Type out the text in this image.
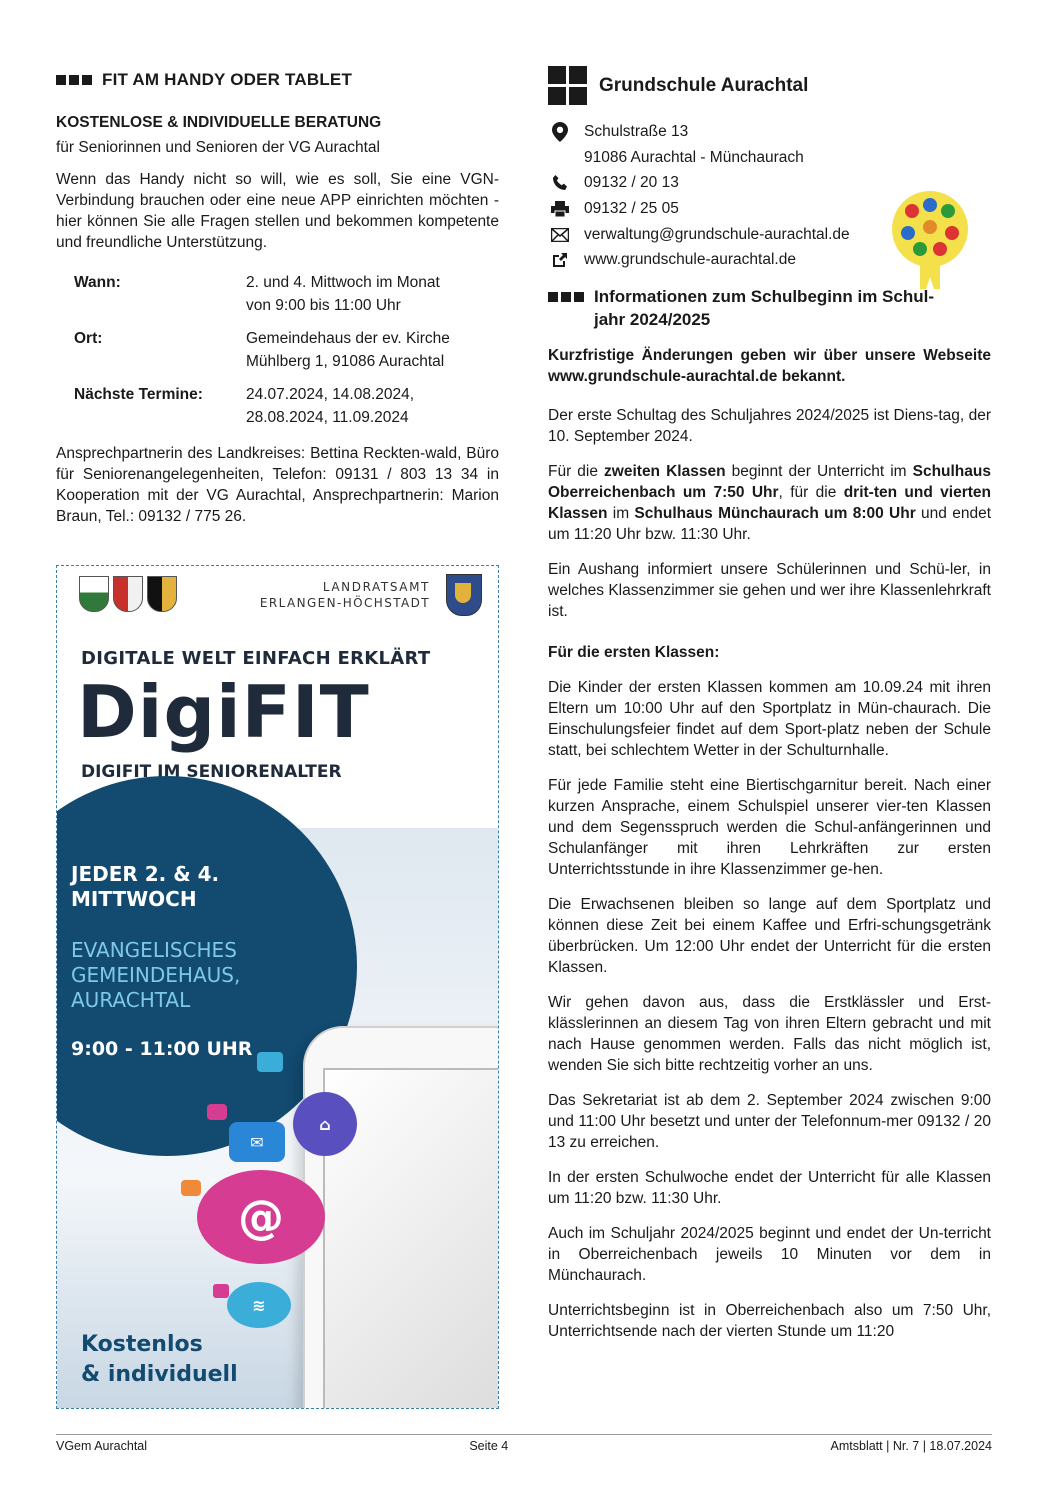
FIT AM HANDY ODER TABLET
KOSTENLOSE & INDIVIDUELLE BERATUNG
für Seniorinnen und Senioren der VG Aurachtal
Wenn das Handy nicht so will, wie es soll, Sie eine VGN-Verbindung brauchen oder eine neue APP einrichten möchten - hier können Sie alle Fragen stellen und bekommen kompetente und freundliche Unterstützung.
Wann:	2. und 4. Mittwoch im Monat
von 9:00 bis 11:00 Uhr
Ort:	Gemeindehaus der ev. Kirche
Mühlberg 1, 91086 Aurachtal
Nächste Termine:	24.07.2024, 14.08.2024,
28.08.2024, 11.09.2024
Ansprechpartnerin des Landkreises: Bettina Reckten-wald, Büro für Seniorenangelegenheiten, Telefon: 09131 / 803 13 34 in Kooperation mit der VG Aurachtal, Ansprechpartnerin: Marion Braun, Tel.: 09132 / 775 26.
LANDRATSAMT
ERLANGEN-HÖCHSTADT
DIGITALE WELT EINFACH ERKLÄRT
DigiFIT
DIGIFIT IM SENIORENALTER
JEDER 2. & 4.
MITTWOCH
EVANGELISCHES
GEMEINDEHAUS,
AURACHTAL
9:00 - 11:00 UHR
✉
⌂
@
≋
Kostenlos
& individuell
Grundschule Aurachtal
Schulstraße 13
91086 Aurachtal - Münchaurach
09132 / 20 13
09132 / 25 05
verwaltung@grundschule-aurachtal.de
www.grundschule-aurachtal.de
Informationen zum Schulbeginn im Schul-
jahr 2024/2025
Kurzfristige Änderungen geben wir über unsere Webseite www.grundschule-aurachtal.de bekannt.
Der erste Schultag des Schuljahres 2024/2025 ist Diens-tag, der 10. September 2024.
Für die zweiten Klassen beginnt der Unterricht im Schulhaus Oberreichenbach um 7:50 Uhr, für die drit-ten und vierten Klassen im Schulhaus Münchaurach um 8:00 Uhr und endet um 11:20 Uhr bzw. 11:30 Uhr.
Ein Aushang informiert unsere Schülerinnen und Schü-ler, in welches Klassenzimmer sie gehen und wer ihre Klassenlehrkraft ist.
Für die ersten Klassen:
Die Kinder der ersten Klassen kommen am 10.09.24 mit ihren Eltern um 10:00 Uhr auf den Sportplatz in Mün-chaurach. Die Einschulungsfeier findet auf dem Sport-platz neben der Schule statt, bei schlechtem Wetter in der Schulturnhalle.
Für jede Familie steht eine Biertischgarnitur bereit. Nach einer kurzen Ansprache, einem Schulspiel unserer vier-ten Klassen und dem Segensspruch werden die Schul-anfängerinnen und Schulanfänger mit ihren Lehrkräften zur ersten Unterrichtsstunde in ihre Klassenzimmer ge-hen.
Die Erwachsenen bleiben so lange auf dem Sportplatz und können diese Zeit bei einem Kaffee und Erfri-schungsgetränk überbrücken. Um 12:00 Uhr endet der Unterricht für die ersten Klassen.
Wir gehen davon aus, dass die Erstklässler und Erst-klässlerinnen an diesem Tag von ihren Eltern gebracht und mit nach Hause genommen werden. Falls das nicht möglich ist, wenden Sie sich bitte rechtzeitig vorher an uns.
Das Sekretariat ist ab dem 2. September 2024 zwischen 9:00 und 11:00 Uhr besetzt und unter der Telefonnum-mer 09132 / 20 13 zu erreichen.
In der ersten Schulwoche endet der Unterricht für alle Klassen um 11:20 bzw. 11:30 Uhr.
Auch im Schuljahr 2024/2025 beginnt und endet der Un-terricht in Oberreichenbach jeweils 10 Minuten vor dem in Münchaurach.
Unterrichtsbeginn ist in Oberreichenbach also um 7:50 Uhr, Unterrichtsende nach der vierten Stunde um 11:20
VGem Aurachtal	Seite 4	Amtsblatt | Nr. 7 | 18.07.2024
